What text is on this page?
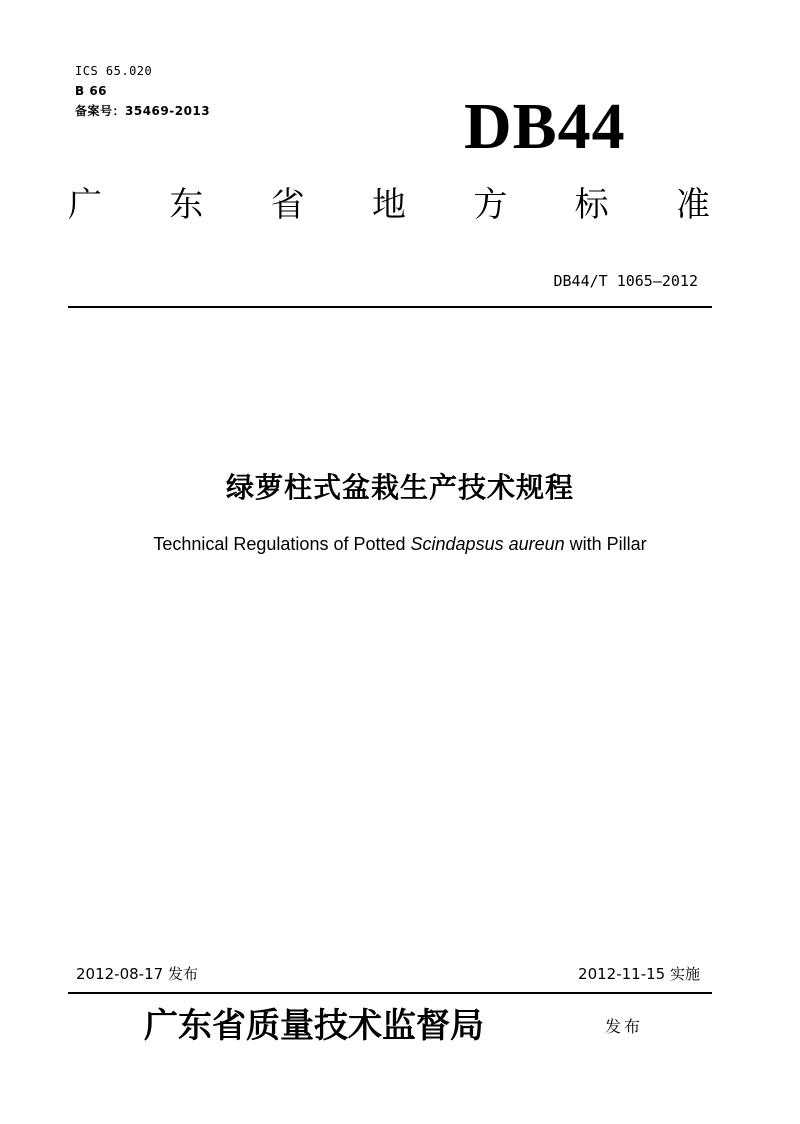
ICS 65.020
B 66
备案号：35469-2013	DB44
广 东 省 地 方 标 准
DB44/T 1065—2012
绿萝柱式盆栽生产技术规程
Technical Regulations of Potted Scindapsus aureun with Pillar
2012-08-17 发布	2012-11-15 实施
广东省质量技术监督局	发布
